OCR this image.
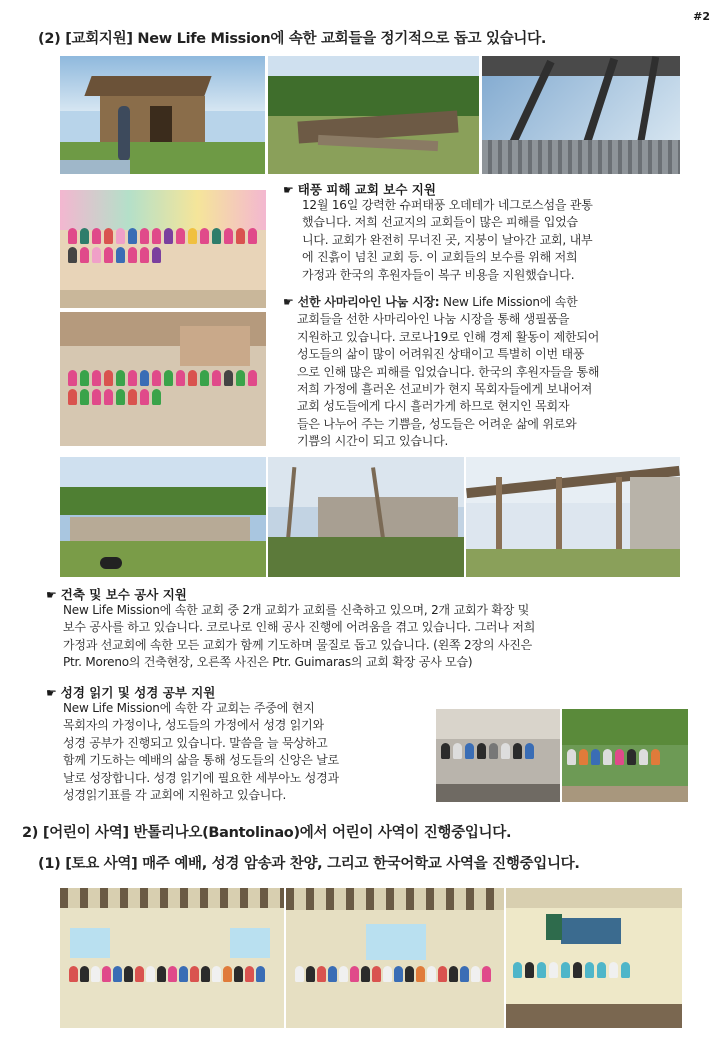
#2
(2) [교회지원] New Life Mission에 속한 교회들을 정기적으로 돕고 있습니다.
☛ 태풍 피해 교회 보수 지원
12월 16일 강력한 슈퍼태풍 오데테가 네그로스섬을 관통
했습니다. 저희 선교지의 교회들이 많은 피해를 입었습
니다. 교회가 완전히 무너진 곳, 지붕이 날아간 교회, 내부
에 진흙이 넘친 교회 등. 이 교회들의 보수를 위해 저희
가정과 한국의 후원자들이 복구 비용을 지원했습니다.
☛ 선한 사마리아인 나눔 시장: New Life Mission에 속한
교회들을 선한 사마리아인 나눔 시장을 통해 생필품을
지원하고 있습니다. 코로나19로 인해 경제 활동이 제한되어
성도들의 삶이 많이 어려워진 상태이고 특별히 이번 태풍
으로 인해 많은 피해를 입었습니다. 한국의 후원자들을 통해
저희 가정에 흘러온 선교비가 현지 목회자들에게 보내어져
교회 성도들에게 다시 흘러가게 하므로 현지인 목회자
들은 나누어 주는 기쁨을, 성도들은 어려운 삶에 위로와
기쁨의 시간이 되고 있습니다.
☛ 건축 및 보수 공사 지원
New Life Mission에 속한 교회 중 2개 교회가 교회를 신축하고 있으며, 2개 교회가 확장 및
보수 공사를 하고 있습니다. 코로나로 인해 공사 진행에 어려움을 겪고 있습니다. 그러나 저희
가정과 선교회에 속한 모든 교회가 함께 기도하며 물질로 돕고 있습니다. (왼쪽 2장의 사진은
Ptr. Moreno의 건축현장, 오른쪽 사진은 Ptr. Guimaras의 교회 확장 공사 모습)
☛ 성경 읽기 및 성경 공부 지원
New Life Mission에 속한 각 교회는 주중에 현지
목회자의 가정이나, 성도들의 가정에서 성경 읽기와
성경 공부가 진행되고 있습니다. 말씀을 늘 묵상하고
함께 기도하는 예배의 삶을 통해 성도들의 신앙은 날로
날로 성장합니다. 성경 읽기에 필요한 세부아노 성경과
성경읽기표를 각 교회에 지원하고 있습니다.
2) [어린이 사역] 반톨리나오(Bantolinao)에서 어린이 사역이 진행중입니다.
(1) [토요 사역] 매주 예배, 성경 암송과 찬양, 그리고 한국어학교 사역을 진행중입니다.
